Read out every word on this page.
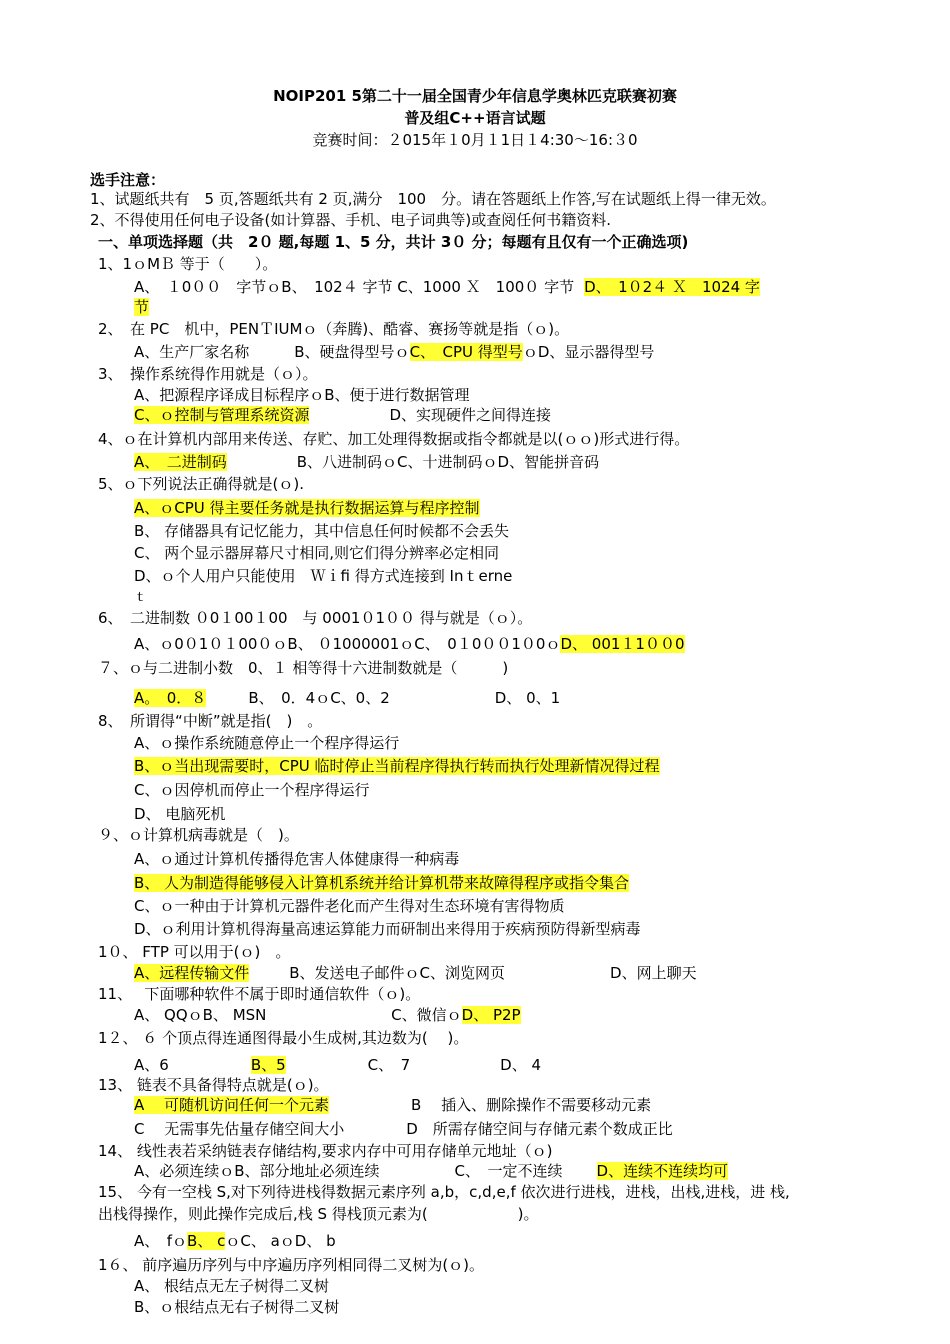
NOIP201 5第二十一届全国青少年信息学奥林匹克联赛初赛
普及组C++语言试题
竞赛时间：２015年１0月１1日１4:30～16:３0
选手注意：
1、试题纸共有　5 页,答题纸共有 2 页,满分　100　分。请在答题纸上作答,写在试题纸上得一律无效。
2、不得使用任何电子设备(如计算器、手机、电子词典等)或查阅任何书籍资料.
一、单项选择题（共　2０ 题,每题 1、5 分，共计 3０ 分；每题有且仅有一个正确选项)
1、1ｏMＢ 等于（　　）。
A、　１0００　字节ｏB、　102４ 字节 C、1000 Ｘ　100０ 字节 D、　1０2４ Ｘ　1024 字
节
2、　在 PC　机中，PENＴIUMｏ（奔腾)、酷睿、赛扬等就是指（ｏ)。
A、生产厂家名称　　　B、硬盘得型号ｏC、　CPU 得型号ｏD、显示器得型号
3、　操作系统得作用就是（ｏ）。
A、把源程序译成目标程序ｏB、便于进行数据管理
C、ｏ控制与管理系统资源	D、实现硬件之间得连接
4、ｏ在计算机内部用来传送、存贮、加工处理得数据或指令都就是以(ｏｏ)形式进行得。
A、　二进制码	B、八进制码ｏC、十进制码ｏD、智能拼音码
5、ｏ下列说法正确得就是(ｏ).
A、ｏCPU 得主要任务就是执行数据运算与程序控制
B、 存储器具有记忆能力，其中信息任何时候都不会丢失
C、 两个显示器屏幕尺寸相同,则它们得分辨率必定相同
D、ｏ个人用户只能使用　Ｗｉfi 得方式连接到 Inｔerne
ｔ
6、　二进制数 ０0１00１00　与 0001０1００ 得与就是（ｏ）。
A、ｏ0０1０１00０ｏB、 ０1000001ｏC、　0１0００1０0ｏD、 001１1００0
７、ｏ与二进制小数　0、１ 相等得十六进制数就是（　　　)
A。　0．８	B、　0．4ｏC、0、2　　　　　　　D、 0、1
8、　所谓得“中断”就是指(　)　。
A、ｏ操作系统随意停止一个程序得运行
B、ｏ当出现需要时，CPU 临时停止当前程序得执行转而执行处理新情况得过程
C、ｏ因停机而停止一个程序得运行
D、 电脑死机
９、ｏ计算机病毒就是（　)。
A、ｏ通过计算机传播得危害人体健康得一种病毒
B、 人为制造得能够侵入计算机系统并给计算机带来故障得程序或指令集合
C、ｏ一种由于计算机元器件老化而产生得对生态环境有害得物质
D、ｏ利用计算机得海量高速运算能力而研制出来得用于疾病预防得新型病毒
1０、 FTP 可以用于(ｏ)　。
A、远程传输文件	B、发送电子邮件ｏC、浏览网页　　　　　　　D、网上聊天
11、　 下面哪种软件不属于即时通信软件（ｏ)。
A、 QQｏB、 MSN　　　　　　　　 C、微信ｏD、 P2P
1２、 ６ 个顶点得连通图得最小生成树,其边数为(　 )。
A、6	B、5	C、　7　　　　　　D、 4
13、 链表不具备得特点就是(ｏ)。
A　 可随机访问任何一个元素	B　 插入、删除操作不需要移动元素
C　 无需事先估量存储空间大小	D　所需存储空间与存储元素个数成正比
14、 线性表若采纳链表存储结构,要求内存中可用存储单元地址（ｏ)
A、必须连续ｏB、部分地址必须连续　　　　　C、　一定不连续 D、连续不连续均可
15、 今有一空栈 S,对下列待进栈得数据元素序列 a,b，c,d,e,f 依次进行进栈，进栈，出栈,进栈，进 栈,
出栈得操作，则此操作完成后,栈 S 得栈顶元素为(　　　　　　)。
A、　fｏB、 cｏC、 aｏD、 b
1６、 前序遍历序列与中序遍历序列相同得二叉树为(ｏ)。
A、 根结点无左子树得二叉树
B、ｏ根结点无右子树得二叉树
